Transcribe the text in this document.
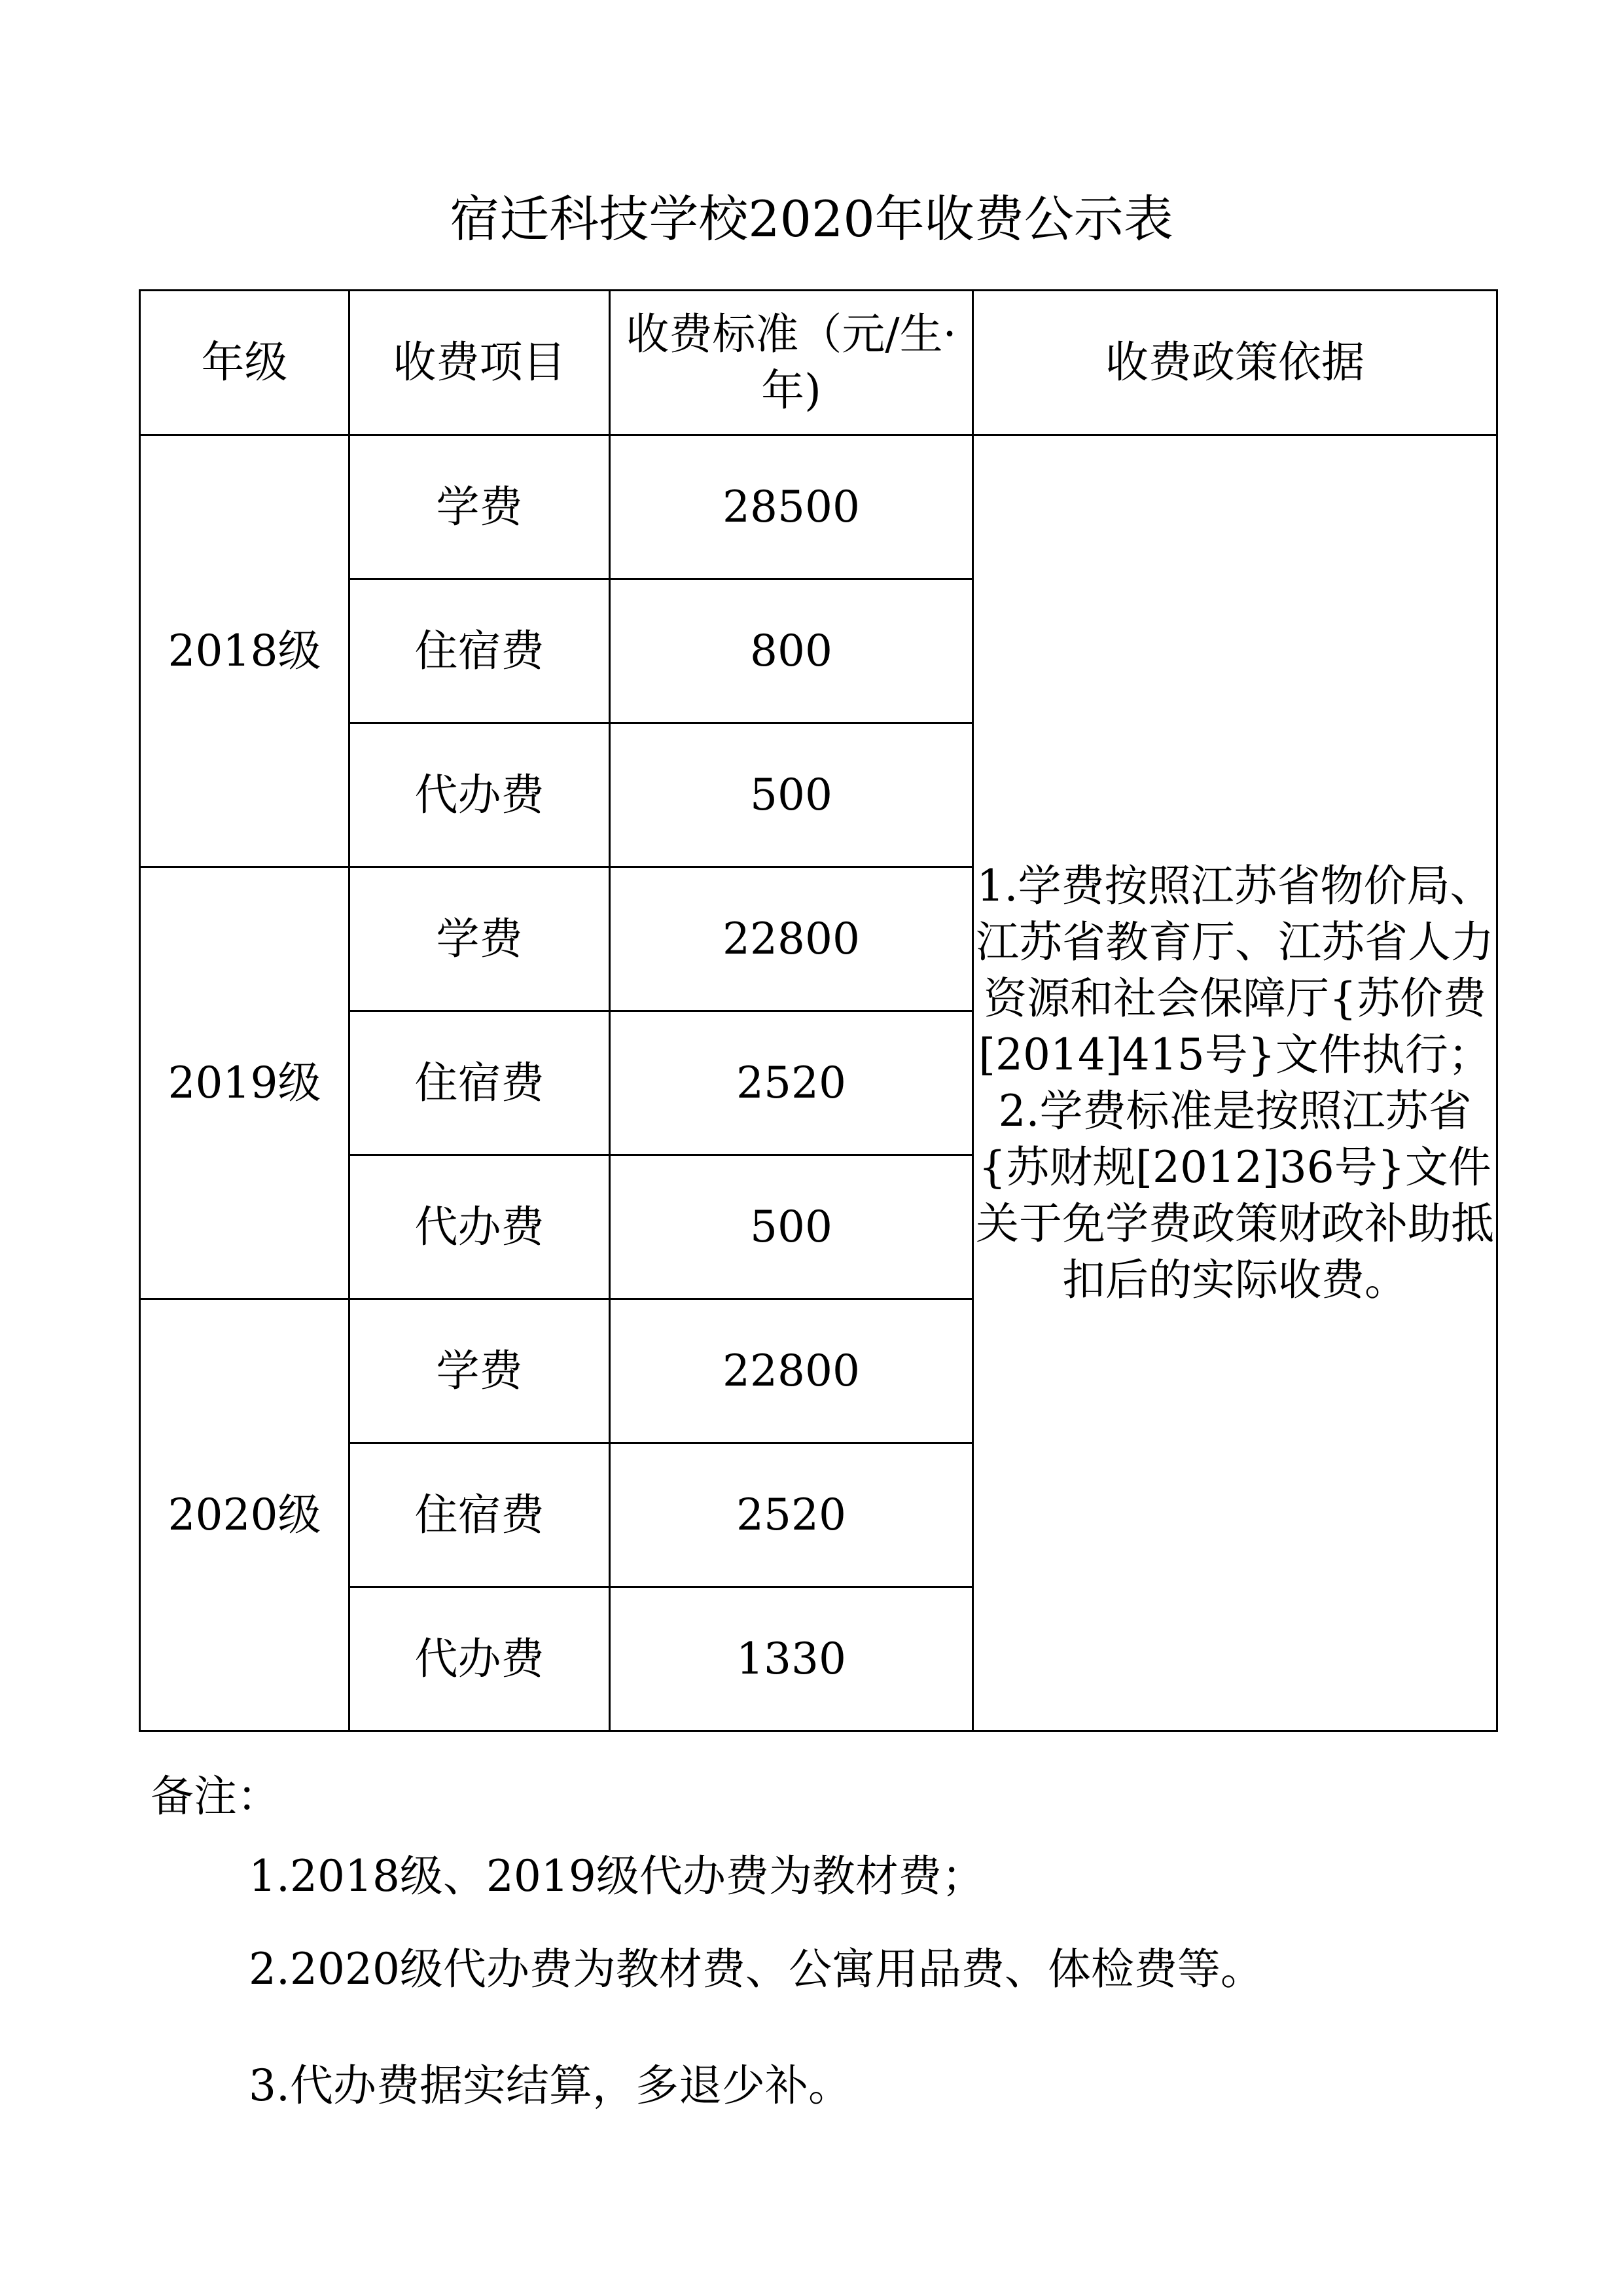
宿迁科技学校2020年收费公示表
年级	收费项目	收费标准（元/生·年)	收费政策依据
2018级	学费	28500	1.学费按照江苏省物价局、江苏省教育厅、江苏省人力资源和社会保障厅{苏价费[2014]415号}文件执行；
2.学费标准是按照江苏省{苏财规[2012]36号}文件关于免学费政策财政补助抵扣后的实际收费。

	住宿费	800	
	代办费	500	
2019级	学费	22800	
	住宿费	2520	
	代办费	500	
2020级	学费	22800	
	住宿费	2520	
	代办费	1330	
备注：
1.2018级、2019级代办费为教材费；
2.2020级代办费为教材费、公寓用品费、体检费等。
3.代办费据实结算，多退少补。
